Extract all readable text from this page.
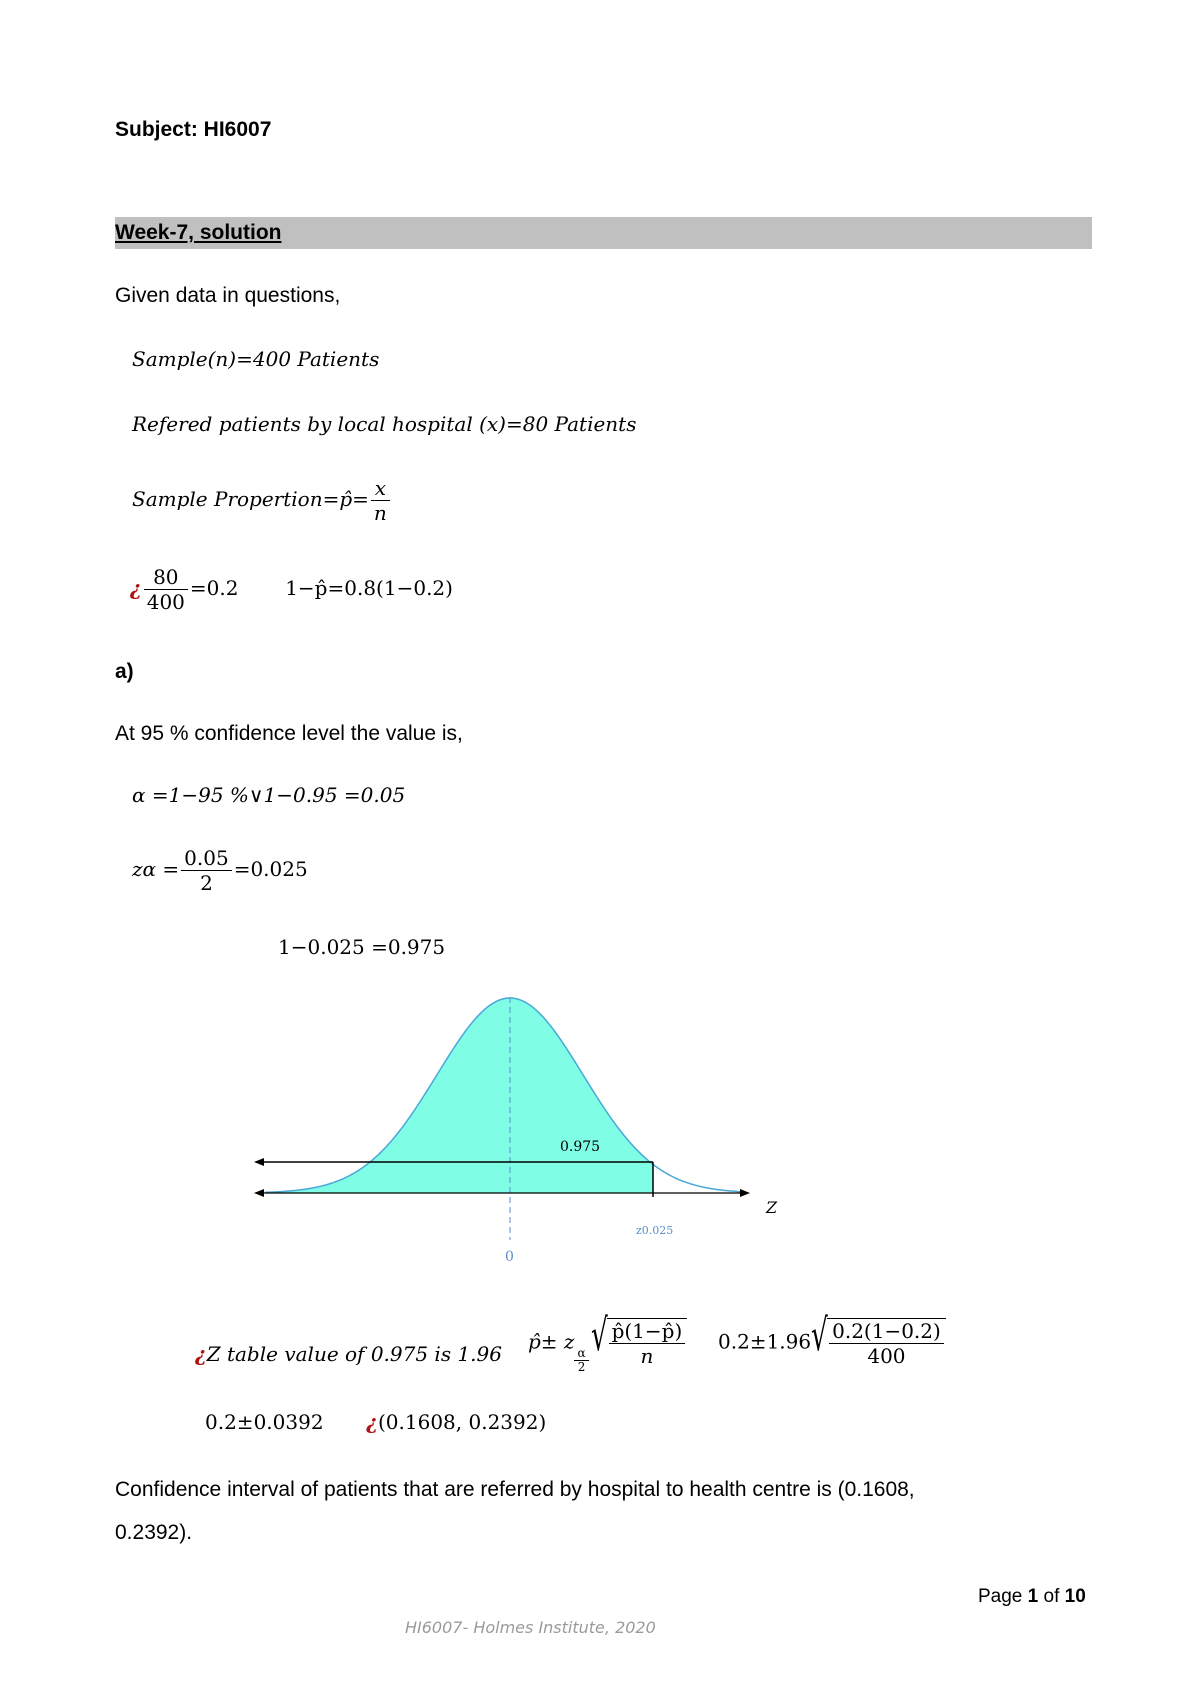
Subject: HI6007
Week-7, solution
Given data in questions,
Sample(n)=400 Patients
Refered patients by local hospital (x)=80 Patients
Sample Propertion=p̂= $\frac{x}{n}$
¿ $\frac{80}{400} =0.2$ 1−p̂=0.8(1−0.2)
a)
At 95 % confidence level the value is,
α =1−95 %∨1−0.95 =0.05
$z\alpha = \frac{0.05}{2} =0.025$
1−0.025 =0.975
0.975
Z
z0.025
0
¿Z table value of 0.975 is 1.96
p̂± z
$\frac{\alpha}{2}$ √ $\frac{p̂(1-p̂)}{n} 0.2\pm 1.96$ √ $\frac{0.2(1-0.2)}{400}$
0.2±0.0392 ¿(0.1608, 0.2392)
Confidence interval of patients that are referred by hospital to health centre is (0.1608,
0.2392).
Page 1 of 10
HI6007- Holmes Institute, 2020
